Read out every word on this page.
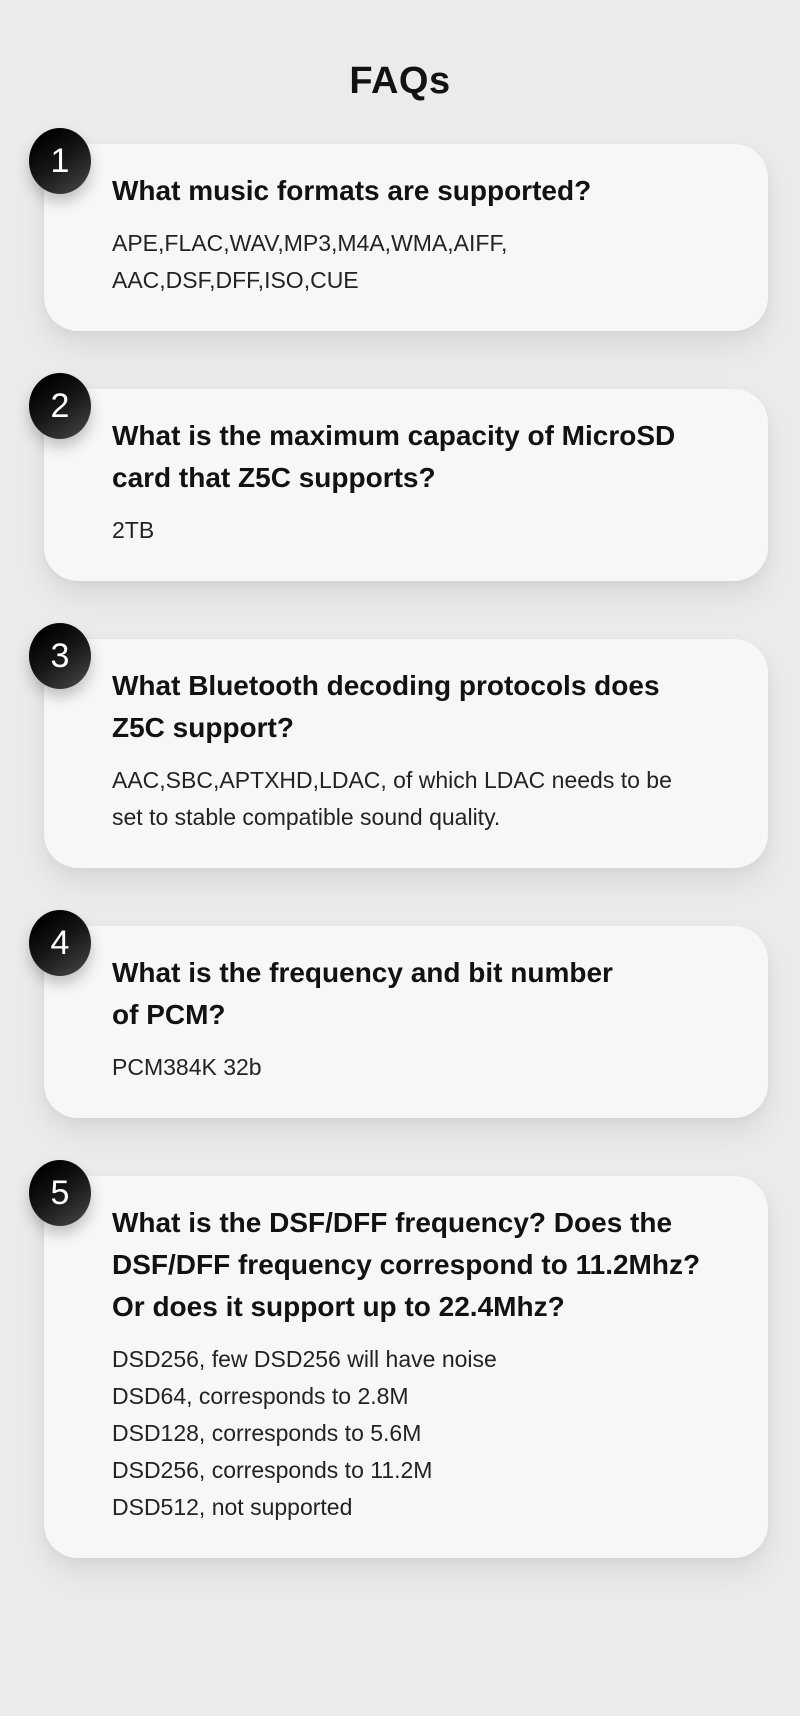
FAQs
1
What music formats are supported?
APE,FLAC,WAV,MP3,M4A,WMA,AIFF,
AAC,DSF,DFF,ISO,CUE
2
What is the maximum capacity of MicroSD
card that Z5C supports?
2TB
3
What Bluetooth decoding protocols does
Z5C support?
AAC,SBC,APTXHD,LDAC, of which LDAC needs to be
set to stable compatible sound quality.
4
What is the frequency and bit number
of PCM?
PCM384K 32b
5
What is the DSF/DFF frequency? Does the
DSF/DFF frequency correspond to 11.2Mhz?
Or does it support up to 22.4Mhz?
DSD256, few DSD256 will have noise
DSD64, corresponds to 2.8M
DSD128, corresponds to 5.6M
DSD256, corresponds to 11.2M
DSD512, not supported
